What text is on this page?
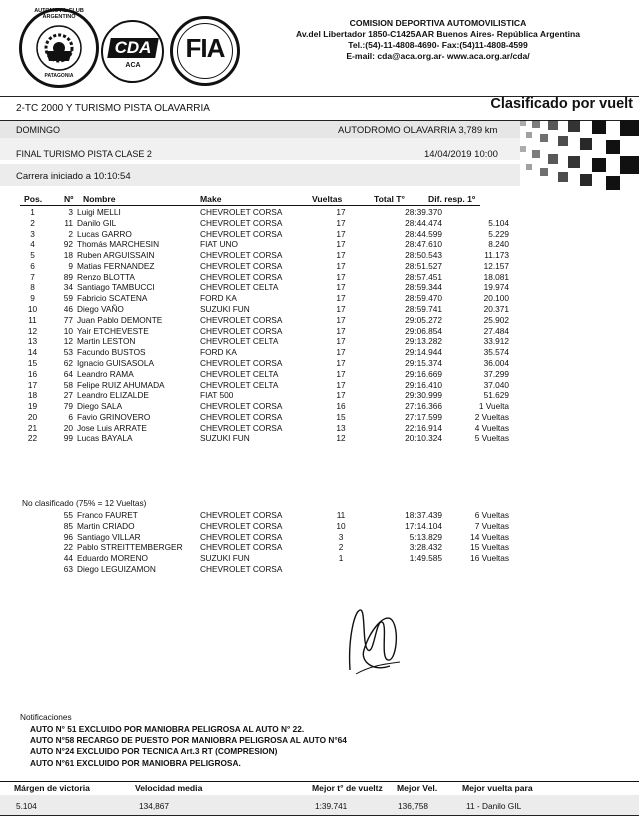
AUTOMOVIL CLUB ARGENTINO
PATAGONIA
CDA
ACA
FIA
COMISION DEPORTIVA AUTOMOVILISTICA
Av.del Libertador 1850-C1425AAR Buenos Aires- República Argentina
Tel.:(54)-11-4808-4690- Fax:(54)11-4808-4599
E-mail: cda@aca.org.ar- www.aca.org.ar/cda/
2-TC 2000 Y TURISMO PISTA OLAVARRIA	Clasificado por vuelt
DOMINGO	AUTODROMO OLAVARRIA 3,789 km
FINAL TURISMO PISTA CLASE 2	14/04/2019 10:00
Carrera iniciado a 10:10:54
Pos.	Nº Nombre	Make	Vueltas	Total T°	Dif. resp. 1º
1	3	Luigi MELLI	CHEVROLET CORSA	17	28:39.370	
2	11	Danilo GIL	CHEVROLET CORSA	17	28:44.474	5.104
3	2	Lucas GARRO	CHEVROLET CORSA	17	28:44.599	5.229
4	92	Thomás MARCHESIN	FIAT UNO	17	28:47.610	8.240
5	18	Ruben ARGUISSAIN	CHEVROLET CORSA	17	28:50.543	11.173
6	9	Matias FERNANDEZ	CHEVROLET CORSA	17	28:51.527	12.157
7	89	Renzo BLOTTA	CHEVROLET CORSA	17	28:57.451	18.081
8	34	Santiago TAMBUCCI	CHEVROLET CELTA	17	28:59.344	19.974
9	59	Fabricio SCATENA	FORD KA	17	28:59.470	20.100
10	46	Diego VAÑO	SUZUKI FUN	17	28:59.741	20.371
11	77	Juan Pablo DEMONTE	CHEVROLET CORSA	17	29:05.272	25.902
12	10	Yair ETCHEVESTE	CHEVROLET CORSA	17	29:06.854	27.484
13	12	Martin LESTON	CHEVROLET CELTA	17	29:13.282	33.912
14	53	Facundo BUSTOS	FORD KA	17	29:14.944	35.574
15	62	Ignacio GUISASOLA	CHEVROLET CORSA	17	29:15.374	36.004
16	64	Leandro RAMA	CHEVROLET CELTA	17	29:16.669	37.299
17	58	Felipe RUIZ AHUMADA	CHEVROLET CELTA	17	29:16.410	37.040
18	27	Leandro ELIZALDE	FIAT 500	17	29:30.999	51.629
19	79	Diego SALA	CHEVROLET CORSA	16	27:16.366	1 Vuelta
20	6	Favio GRINOVERO	CHEVROLET CORSA	15	27:17.599	2 Vueltas
21	20	Jose Luis ARRATE	CHEVROLET CORSA	13	22:16.914	4 Vueltas
22	99	Lucas BAYALA	SUZUKI FUN	12	20:10.324	5 Vueltas
No clasificado (75% = 12 Vueltas)
	55	Franco FAURET	CHEVROLET CORSA	11	18:37.439	6 Vueltas
	85	Martin CRIADO	CHEVROLET CORSA	10	17:14.104	7 Vueltas
	96	Santiago VILLAR	CHEVROLET CORSA	3	5:13.829	14 Vueltas
	22	Pablo STREITTEMBERGER	CHEVROLET CORSA	2	3:28.432	15 Vueltas
	44	Eduardo MORENO	SUZUKI FUN	1	1:49.585	16 Vueltas
	63	Diego LEGUIZAMON	CHEVROLET CORSA			
Notificaciones
AUTO N° 51 EXCLUIDO POR MANIOBRA PELIGROSA AL AUTO N° 22.
AUTO N°58 RECARGO DE PUESTO POR MANIOBRA PELIGROSA AL AUTO N°64
AUTO N°24 EXCLUIDO POR TECNICA Art.3 RT (COMPRESION)
AUTO N°61 EXCLUIDO POR MANIOBRA PELIGROSA.
Márgen de victoria	Velocidad media	Mejor t° de vueltz Mejor Vel.	Mejor vuelta para
5.104	134,867	1:39.741	136,758	11 - Danilo GIL
